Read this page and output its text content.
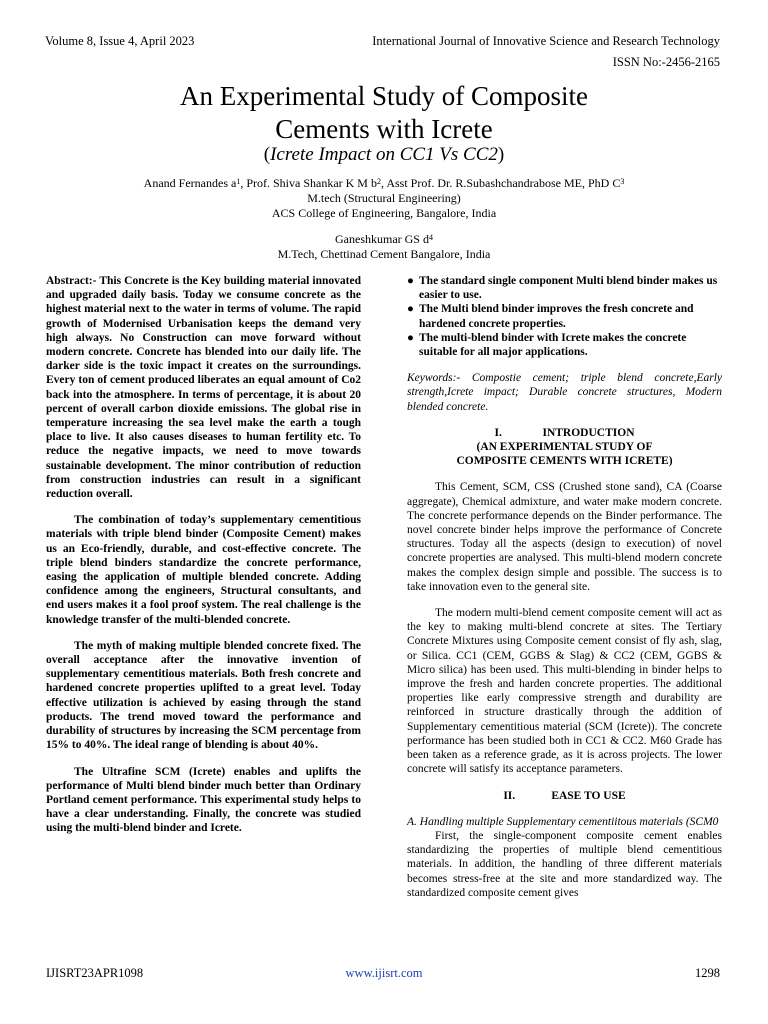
Volume 8, Issue 4, April 2023	International Journal of Innovative Science and Research Technology
ISSN No:-2456-2165
An Experimental Study of Composite
Cements with Icrete
(Icrete Impact on CC1 Vs CC2)
Anand Fernandes $a^1$, Prof. Shiva Shankar K M $b^2$, Asst Prof. Dr. R.Subashchandrabose ME, PhD $C^3$
M.tech (Structural Engineering)
ACS College of Engineering, Bangalore, India
Ganeshkumar GS $d^4$
M.Tech, Chettinad Cement Bangalore, India

Abstract:- This Concrete is the Key building material innovated and upgraded daily basis. Today we consume concrete as the highest material next to the water in terms of volume. The rapid growth of Modernised Urbanisation keeps the demand very high always. No Construction can move forward without modern concrete. Concrete has blended into our daily life. The darker side is the toxic impact it creates on the surroundings. Every ton of cement produced liberates an equal amount of Co2 back into the atmosphere. In terms of percentage, it is about 20 percent of overall carbon dioxide emissions. The global rise in temperature increasing the sea level make the earth a tough place to live. It also causes diseases to human fertility etc. To reduce the negative impacts, we need to move towards sustainable development. The minor contribution of reduction from construction industries can result in a significant reduction overall.

The combination of today’s supplementary cementitious materials with triple blend binder (Composite Cement) makes us an Eco-friendly, durable, and cost-effective concrete. The triple blend binders standardize the concrete performance, easing the application of multiple blended concrete. Adding confidence among the engineers, Structural consultants, and end users makes it a fool proof system. The real challenge is the knowledge transfer of the multi-blended concrete.

The myth of making multiple blended concrete fixed. The overall acceptance after the innovative invention of supplementary cementitious materials. Both fresh concrete and hardened concrete properties uplifted to a great level. Today effective utilization is achieved by easing through the stand products. The trend moved toward the performance and durability of structures by increasing the SCM percentage from 15% to 40%. The ideal range of blending is about 40%.

The Ultrafine SCM (Icrete) enables and uplifts the performance of Multi blend binder much better than Ordinary Portland cement performance. This experimental study helps to have a clear understanding. Finally, the concrete was studied using the multi-blend binder and Icrete.

● The standard single component Multi blend binder makes us easier to use.
● The Multi blend binder improves the fresh concrete and hardened concrete properties.
● The multi-blend binder with Icrete makes the concrete suitable for all major applications.

Keywords:- Compostie cement; triple blend concrete,Early strength,Icrete impact; Durable concrete structures, Modern blended concrete.

I.	INTRODUCTION
(AN EXPERIMENTAL STUDY OF
COMPOSITE CEMENTS WITH ICRETE)

This Cement, SCM, CSS (Crushed stone sand), CA (Coarse aggregate), Chemical admixture, and water make modern concrete. The concrete performance depends on the Binder performance. The novel concrete binder helps improve the performance of Concrete structures. Today all the aspects (design to execution) of novel concrete properties are analysed. This multi-blend modern concrete makes the complex design simple and possible. The success is to take innovation even to the general site.

The modern multi-blend cement composite cement will act as the key to making multi-blend concrete at sites. The Tertiary Concrete Mixtures using Composite cement consist of fly ash, slag, or Silica. CC1 (CEM, GGBS & Slag) & CC2 (CEM, GGBS & Micro silica) has been used. This multi-blending in binder helps to improve the fresh and harden concrete properties. The additional properties like early compressive strength and durability are reinforced in structure drastically through the addition of Supplementary cementitious material (SCM (Icrete)). The concrete performance has been studied both in CC1 & CC2. M60 Grade has been taken as a reference grade, as it is across projects. The lower concrete will satisfy its acceptance parameters.

II.	EASE TO USE

A. Handling multiple Supplementary cementiitous materials (SCM0

First, the single-component composite cement enables standardizing the properties of multiple blend cementitious materials. In addition, the handling of three different materials becomes stress-free at the site and more standardized way. The standardized composite cement gives

IJISRT23APR1098	www.ijisrt.com	1298
